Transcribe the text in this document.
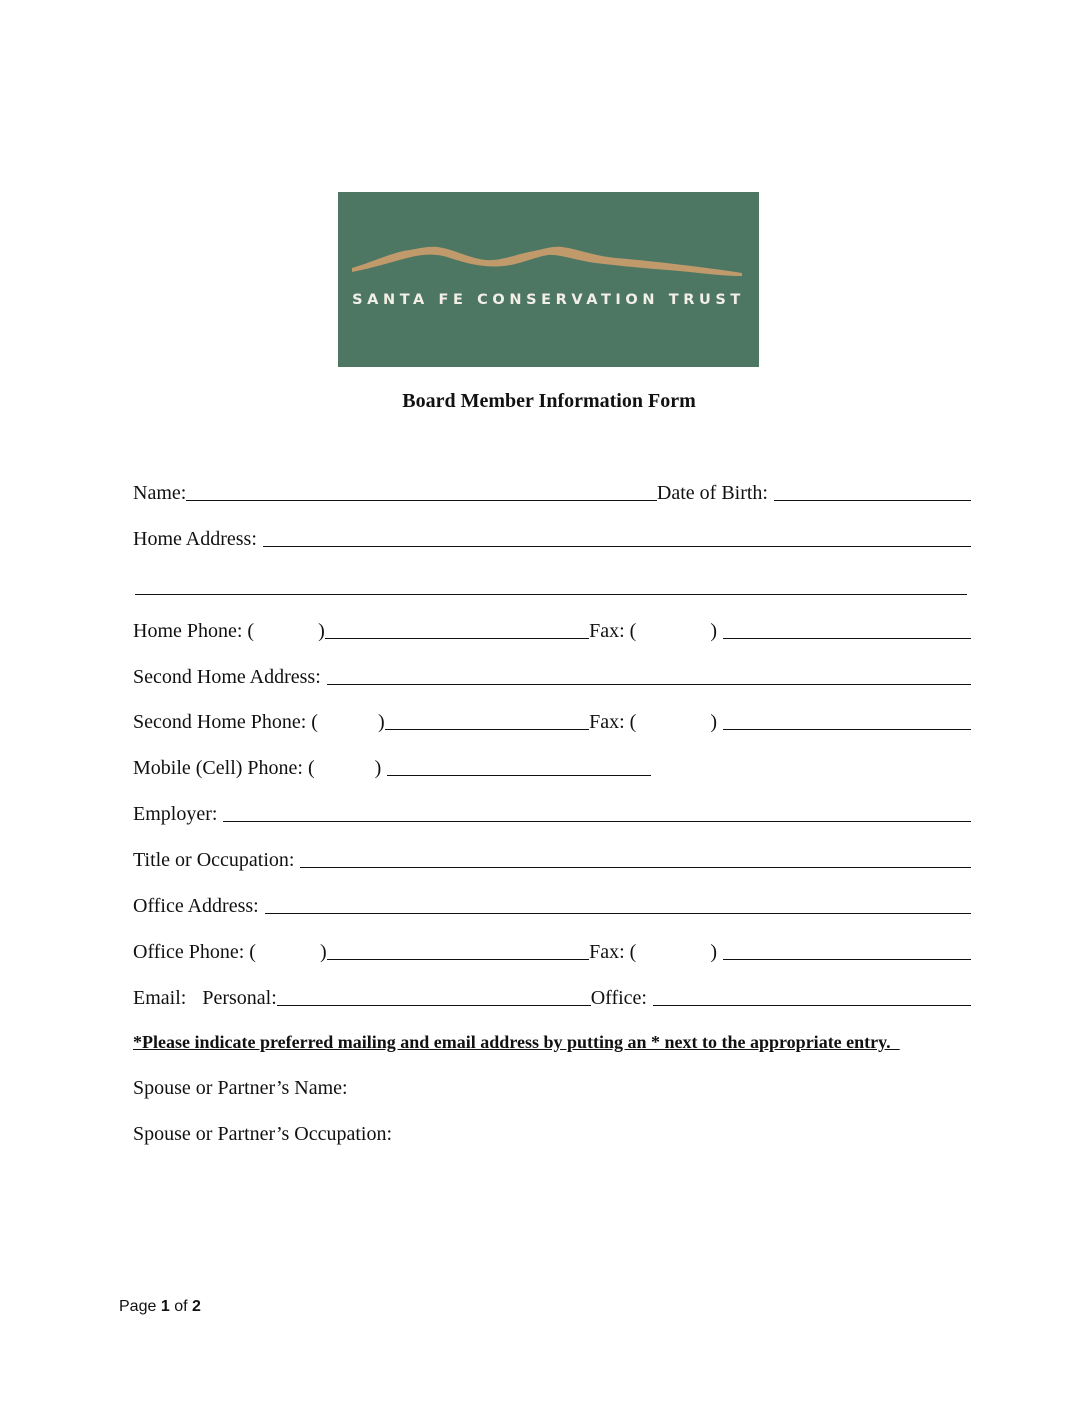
SANTA FE CONSERVATION TRUST
Board Member Information Form
Name:	Date of Birth:
Home Address:
Home Phone: (	)	Fax: (	)
Second Home Address:
Second Home Phone: (	)	Fax: (	)
Mobile (Cell) Phone: (	)
Employer:
Title or Occupation:
Office Address:
Office Phone: (	)	Fax: (	)
Email: Personal:	Office:
*Please indicate preferred mailing and email address by putting an * next to the appropriate entry.
Spouse or Partner’s Name:
Spouse or Partner’s Occupation:
Page 1 of 2
